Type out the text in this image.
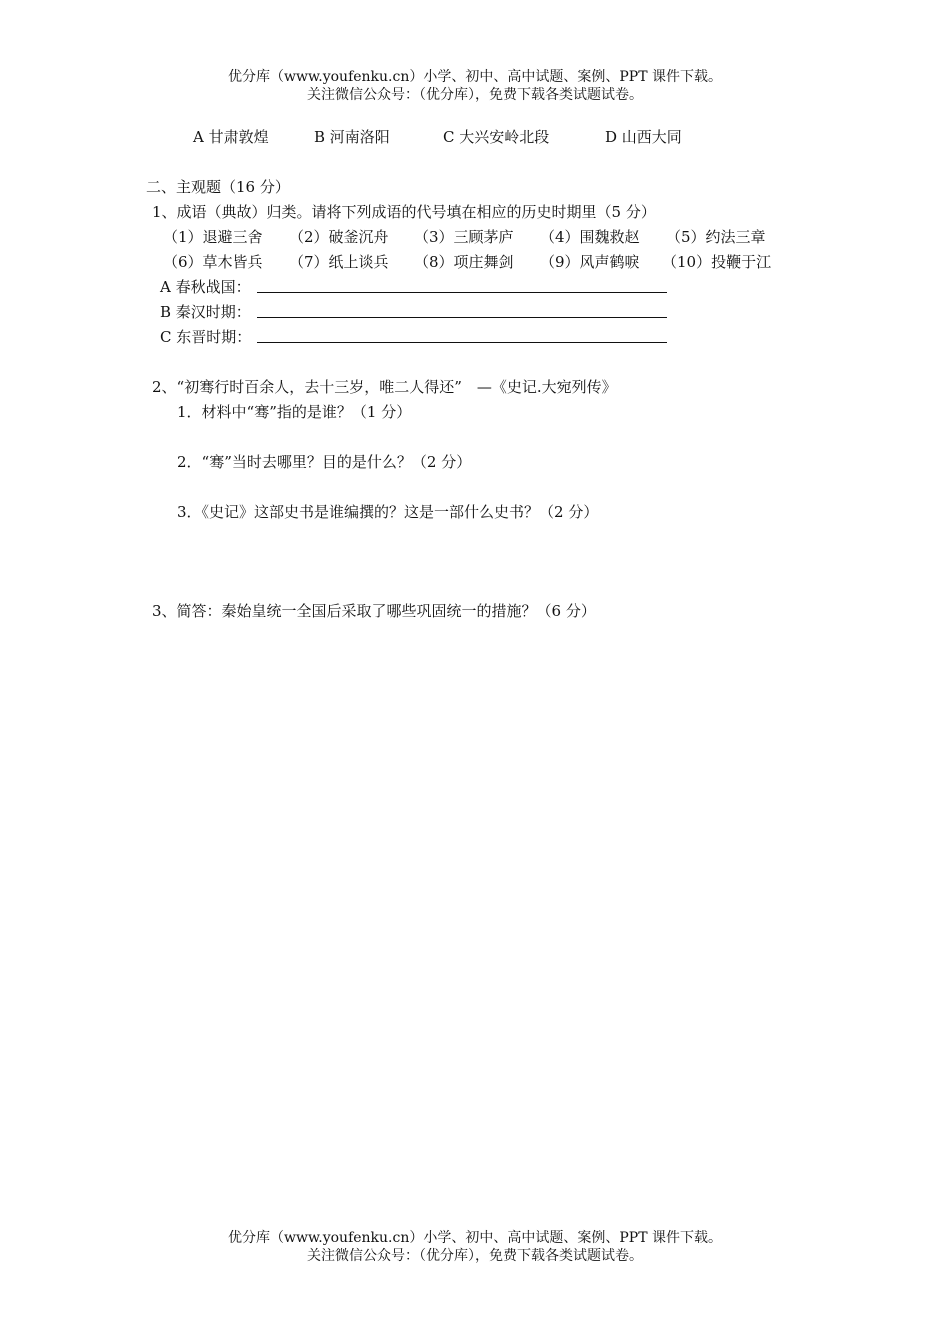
优分库（www.youfenku.cn）小学、初中、高中试题、案例、PPT 课件下载。
关注微信公众号：（优分库），免费下载各类试题试卷。
A 甘肃敦煌	B 河南洛阳	C 大兴安岭北段	D 山西大同
二、主观题（16 分）
1、成语（典故）归类。请将下列成语的代号填在相应的历史时期里（5 分）
（1）退避三舍 （2）破釜沉舟 （3）三顾茅庐 （4）围魏救赵 （5）约法三章
（6）草木皆兵 （7）纸上谈兵 （8）项庄舞剑 （9）风声鹤唳 （10）投鞭于江
A 春秋战国：
B 秦汉时期：
C 东晋时期：
2、“初骞行时百余人，去十三岁，唯二人得还”　—《史记.大宛列传》
1．材料中“骞”指的是谁？（1 分）
2．“骞”当时去哪里？目的是什么？（2 分）
3．《史记》这部史书是谁编撰的？这是一部什么史书？（2 分）
3、简答：秦始皇统一全国后采取了哪些巩固统一的措施？（6 分）
优分库（www.youfenku.cn）小学、初中、高中试题、案例、PPT 课件下载。
关注微信公众号：（优分库），免费下载各类试题试卷。
